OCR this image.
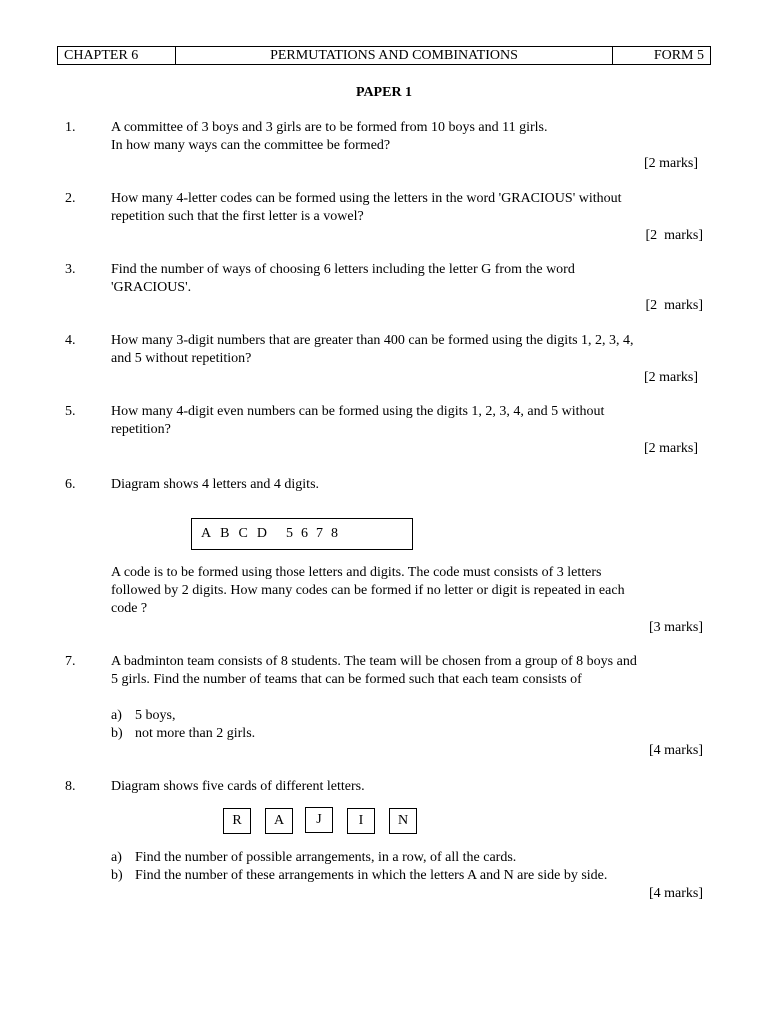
CHAPTER 6	PERMUTATIONS AND COMBINATIONS	FORM 5
PAPER 1
1.	A committee of 3 boys and 3 girls are to be formed from 10 boys and 11 girls.
In how many ways can the committee be formed?
[2 marks]
2.	How many 4-letter codes can be formed using the letters in the word 'GRACIOUS' without
repetition such that the first letter is a vowel?
[2  marks]
3.	Find the number of ways of choosing 6 letters including the letter G from the word
'GRACIOUS'.
[2  marks]
4.	How many 3-digit numbers that are greater than 400 can be formed using the digits 1, 2, 3, 4,
and 5 without repetition?
[2 marks]
5.	How many 4-digit even numbers can be formed using the digits 1, 2, 3, 4, and 5 without
repetition?
[2 marks]
6.	Diagram shows 4 letters and 4 digits.
A B C D	5 6 7 8
A code is to be formed using those letters and digits. The code must consists of 3 letters
followed by 2 digits. How many codes can be formed if no letter or digit is repeated in each
code ?
[3 marks]
7.	A badminton team consists of 8 students. The team will be chosen from a group of 8 boys and
5 girls. Find the number of teams that can be formed such that each team consists of
a) 5 boys,
b) not more than 2 girls.
[4 marks]
8.	Diagram shows five cards of different letters.
R	A	J	I	N
a) Find the number of possible arrangements, in a row, of all the cards.
b) Find the number of these arrangements in which the letters A and N are side by side.
[4 marks]
